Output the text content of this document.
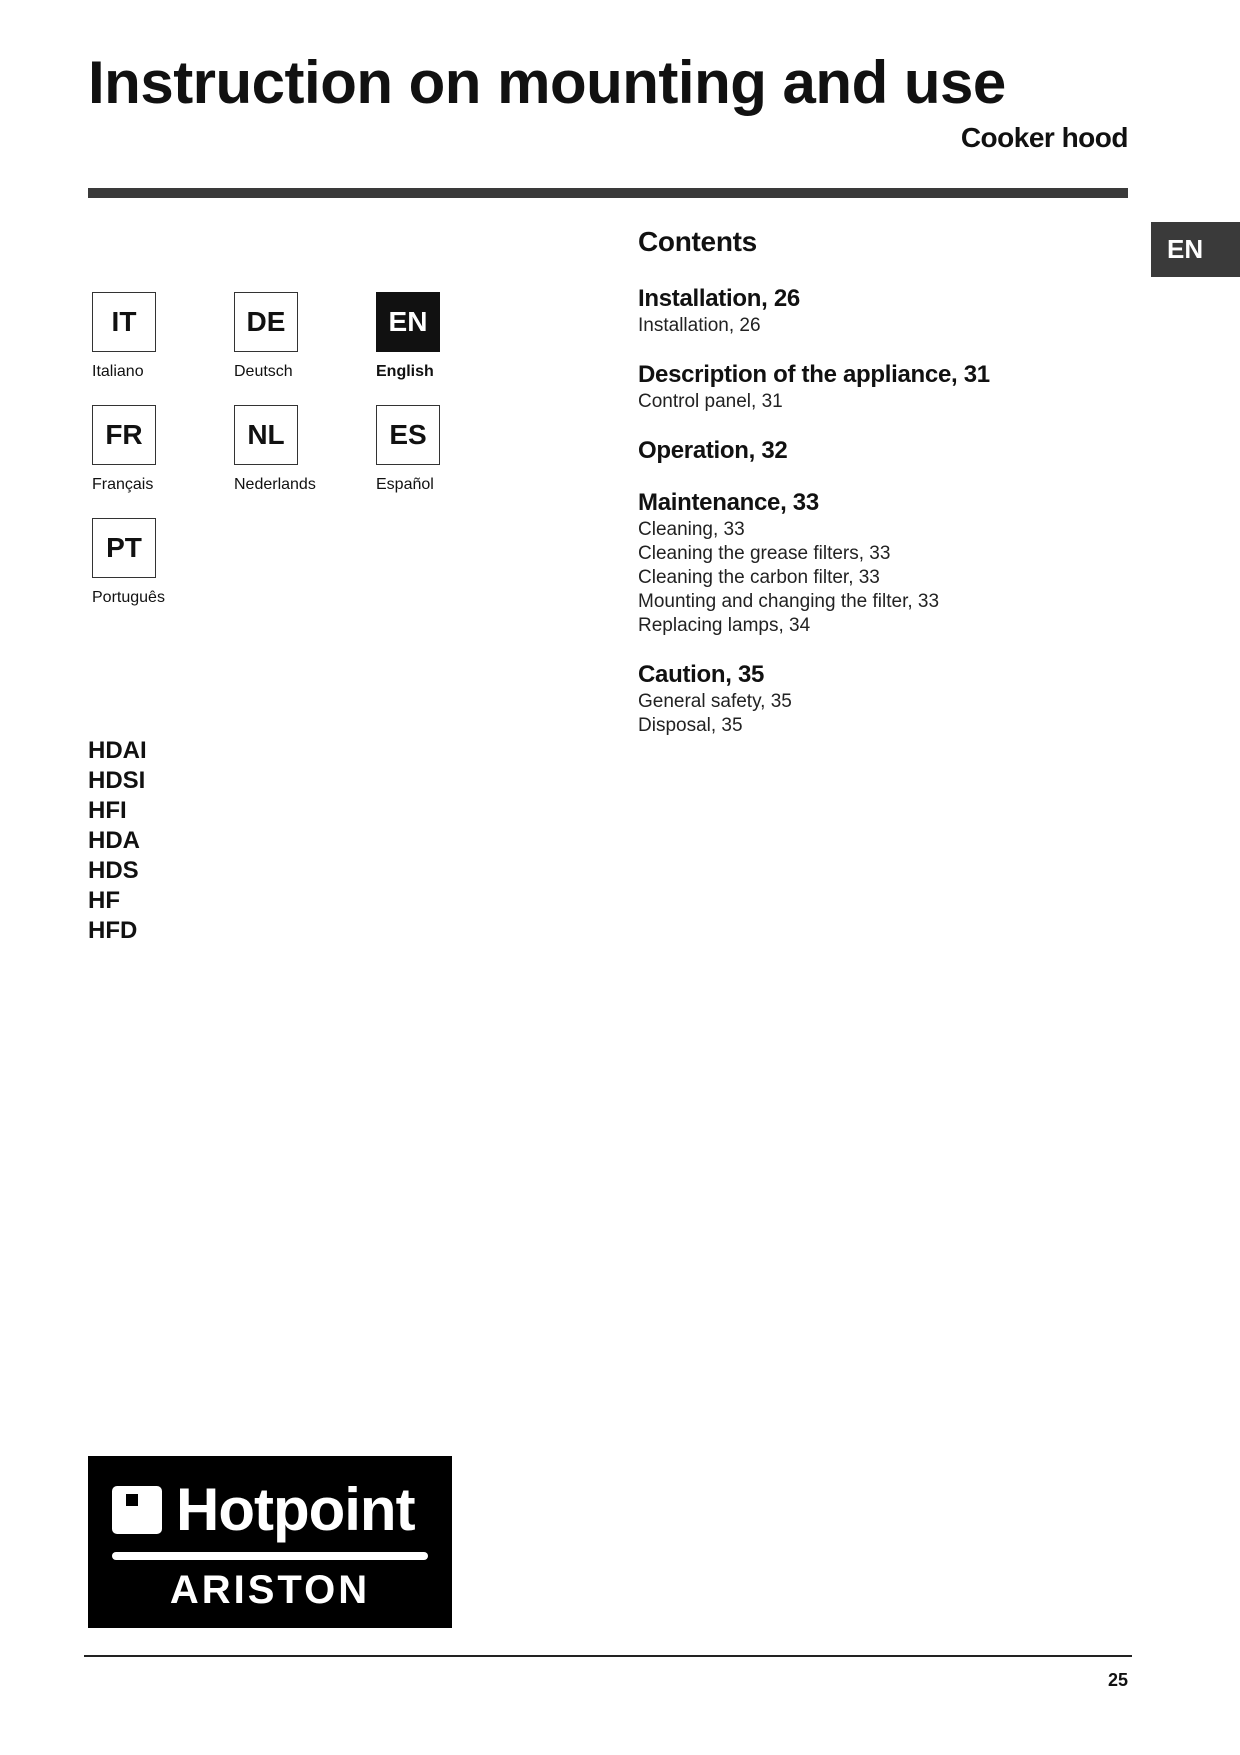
Instruction on mounting and use
Cooker hood
EN
IT
Italiano
DE
Deutsch
EN
English
FR
Français
NL
Nederlands
ES
Español
PT
Português
HDAI
HDSI
HFI
HDA
HDS
HF
HFD
Contents
Installation, 26
Installation, 26
Description of the appliance, 31
Control panel, 31
Operation, 32
Maintenance, 33
Cleaning, 33
Cleaning the grease filters, 33
Cleaning the carbon filter, 33
Mounting and changing the filter, 33
Replacing lamps, 34
Caution, 35
General safety, 35
Disposal, 35
Hotpoint
ARISTON
25
